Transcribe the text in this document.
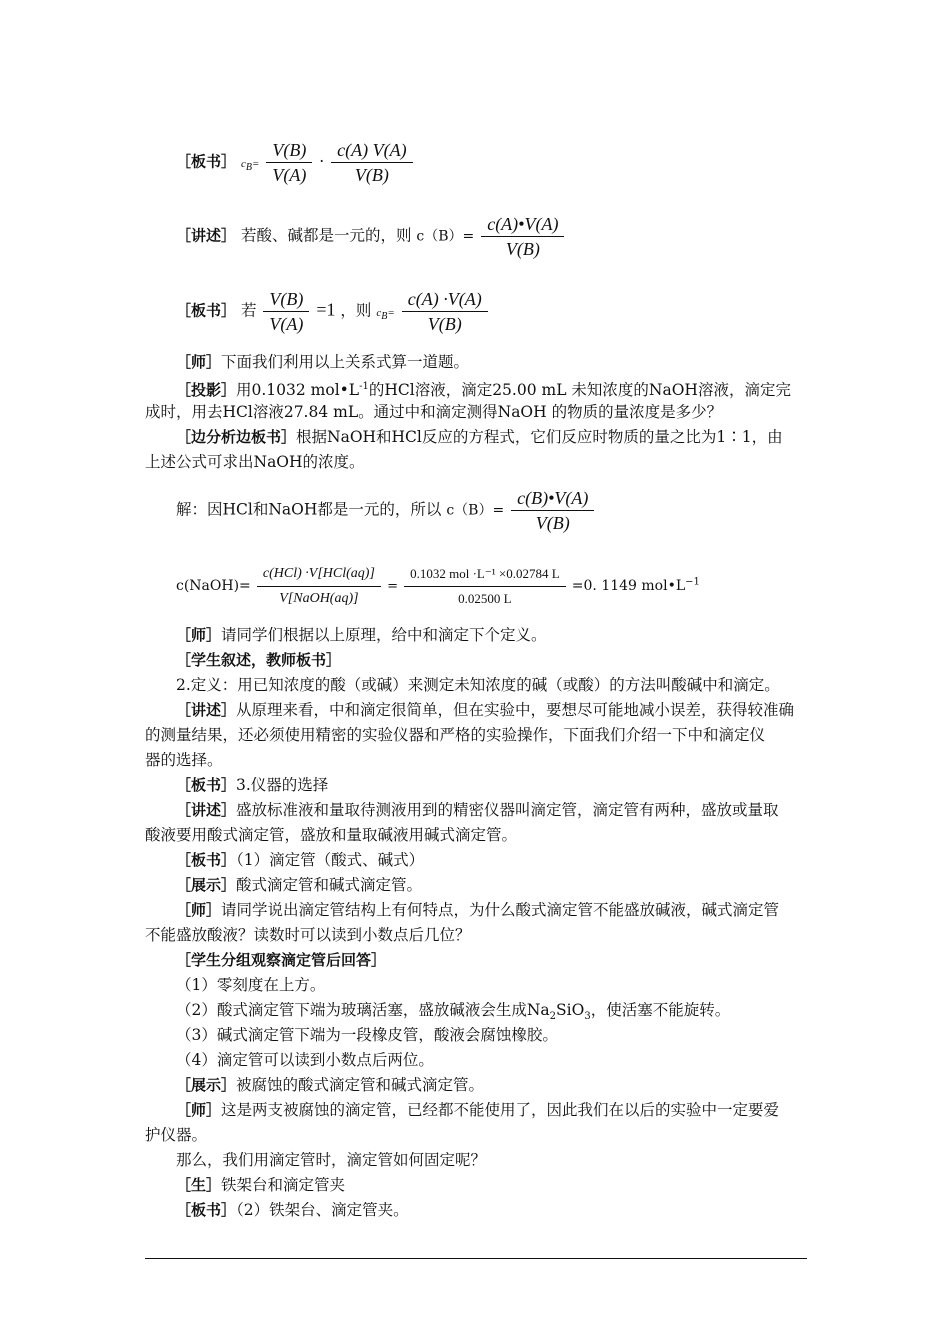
［板书］ $c_B= \frac{V(B)}{V(A)} \cdot \frac{c(A) V(A)}{V(B)}$
［讲述］ 若酸、碱都是一元的，则 $c(B)= \frac{c(A)•V(A)}{V(B)}$
［板书］ 若 $\frac{V(B)}{V(A)} =1$ ，则 $c_B= \frac{c(A) \cdot V(A)}{V(B)}$
［师］下面我们利用以上关系式算一道题。
［投影］用0.1032 $mol•L^{-1}$的HCl溶液，滴定25.00 mL 未知浓度的NaOH溶液，滴定完
成时，用去HCl溶液27.84 mL。通过中和滴定测得NaOH 的物质的量浓度是多少？
［边分析边板书］根据NaOH和HCl反应的方程式，它们反应时物质的量之比为1∶1，由
上述公式可求出NaOH的浓度。
解：因HCl和NaOH都是一元的，所以 $c(B)= \frac{c(B)•V(A)}{V(B)}$
c(NaOH)= $\frac{\text{c(HCl) ·V[HCl(aq)]}}{\text{V[NaOH(aq)]}} = \frac{\text{0.1032 mol ·L⁻¹ ×0.02784 L}}{0.02500 L} =0$. 1149 $mol•L^{-1}$
［师］请同学们根据以上原理，给中和滴定下个定义。
［学生叙述，教师板书］
2.定义：用已知浓度的酸（或碱）来测定未知浓度的碱（或酸）的方法叫酸碱中和滴定。
［讲述］从原理来看，中和滴定很简单，但在实验中，要想尽可能地减小误差，获得较准确
的测量结果，还必须使用精密的实验仪器和严格的实验操作，下面我们介绍一下中和滴定仪
器的选择。
［板书］3.仪器的选择
［讲述］盛放标准液和量取待测液用到的精密仪器叫滴定管，滴定管有两种，盛放或量取
酸液要用酸式滴定管，盛放和量取碱液用碱式滴定管。
［板书］（1）滴定管（酸式、碱式）
［展示］酸式滴定管和碱式滴定管。
［师］请同学说出滴定管结构上有何特点，为什么酸式滴定管不能盛放碱液，碱式滴定管
不能盛放酸液？读数时可以读到小数点后几位？
［学生分组观察滴定管后回答］
（1）零刻度在上方。
（2）酸式滴定管下端为玻璃活塞，盛放碱液会生成$Na_2SiO_3$，使活塞不能旋转。
（3）碱式滴定管下端为一段橡皮管，酸液会腐蚀橡胶。
（4）滴定管可以读到小数点后两位。
［展示］被腐蚀的酸式滴定管和碱式滴定管。
［师］这是两支被腐蚀的滴定管，已经都不能使用了，因此我们在以后的实验中一定要爱
护仪器。
那么，我们用滴定管时，滴定管如何固定呢？
［生］铁架台和滴定管夹
［板书］（2）铁架台、滴定管夹。
